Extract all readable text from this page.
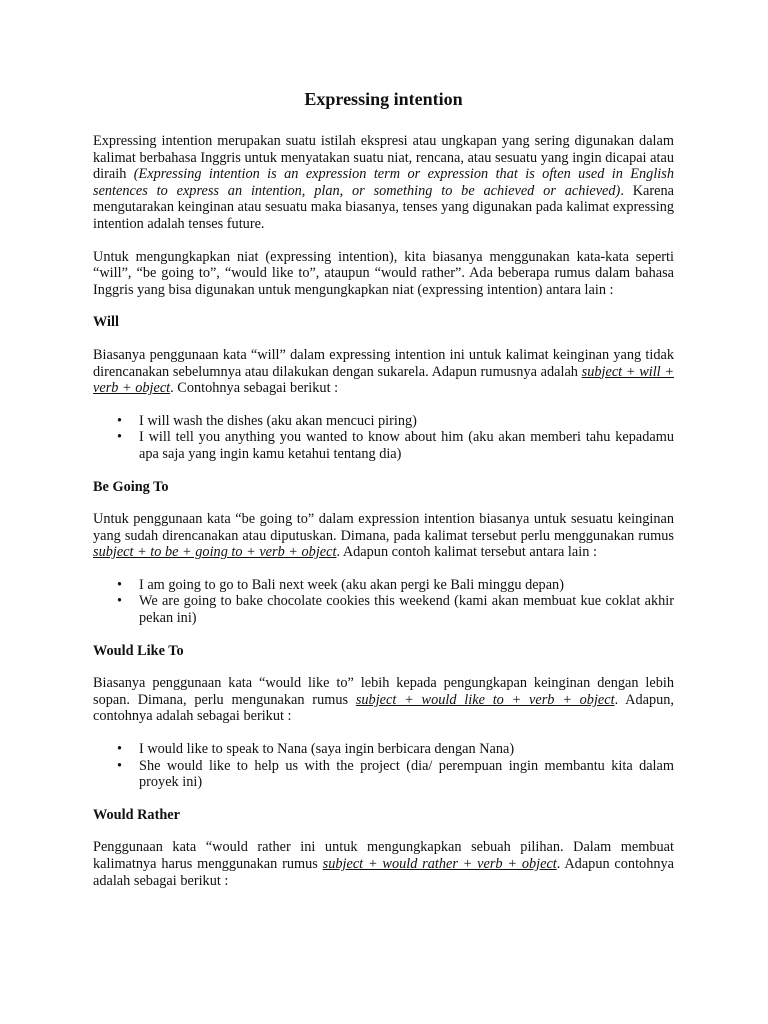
Expressing intention

Expressing intention merupakan suatu istilah ekspresi atau ungkapan yang sering digunakan dalam kalimat berbahasa Inggris untuk menyatakan suatu niat, rencana, atau sesuatu yang ingin dicapai atau diraih (Expressing intention is an expression term or expression that is often used in English sentences to express an intention, plan, or something to be achieved or achieved). Karena mengutarakan keinginan atau sesuatu maka biasanya, tenses yang digunakan pada kalimat expressing intention adalah tenses future.

Untuk mengungkapkan niat (expressing intention), kita biasanya menggunakan kata-kata seperti “will”, “be going to”, “would like to”, ataupun “would rather”. Ada beberapa rumus dalam bahasa Inggris yang bisa digunakan untuk mengungkapkan niat (expressing intention) antara lain :

Will

Biasanya penggunaan kata “will” dalam expressing intention ini untuk kalimat keinginan yang tidak direncanakan sebelumnya atau dilakukan dengan sukarela. Adapun rumusnya adalah subject + will + verb + object. Contohnya sebagai berikut :

• I will wash the dishes (aku akan mencuci piring)
• I will tell you anything you wanted to know about him (aku akan memberi tahu kepadamu apa saja yang ingin kamu ketahui tentang dia)

Be Going To

Untuk penggunaan kata “be going to” dalam expression intention biasanya untuk sesuatu keinginan yang sudah direncanakan atau diputuskan. Dimana, pada kalimat tersebut perlu menggunakan rumus subject + to be + going to + verb + object. Adapun contoh kalimat tersebut antara lain :

• I am going to go to Bali next week (aku akan pergi ke Bali minggu depan)
• We are going to bake chocolate cookies this weekend (kami akan membuat kue coklat akhir pekan ini)

Would Like To

Biasanya penggunaan kata “would like to” lebih kepada pengungkapan keinginan dengan lebih sopan. Dimana, perlu mengunakan rumus subject + would like to + verb + object. Adapun, contohnya adalah sebagai berikut :

• I would like to speak to Nana (saya ingin berbicara dengan Nana)
• She would like to help us with the project (dia/ perempuan ingin membantu kita dalam proyek ini)

Would Rather

Penggunaan kata “would rather ini untuk mengungkapkan sebuah pilihan. Dalam membuat kalimatnya harus menggunakan rumus subject + would rather + verb + object. Adapun contohnya adalah sebagai berikut :
